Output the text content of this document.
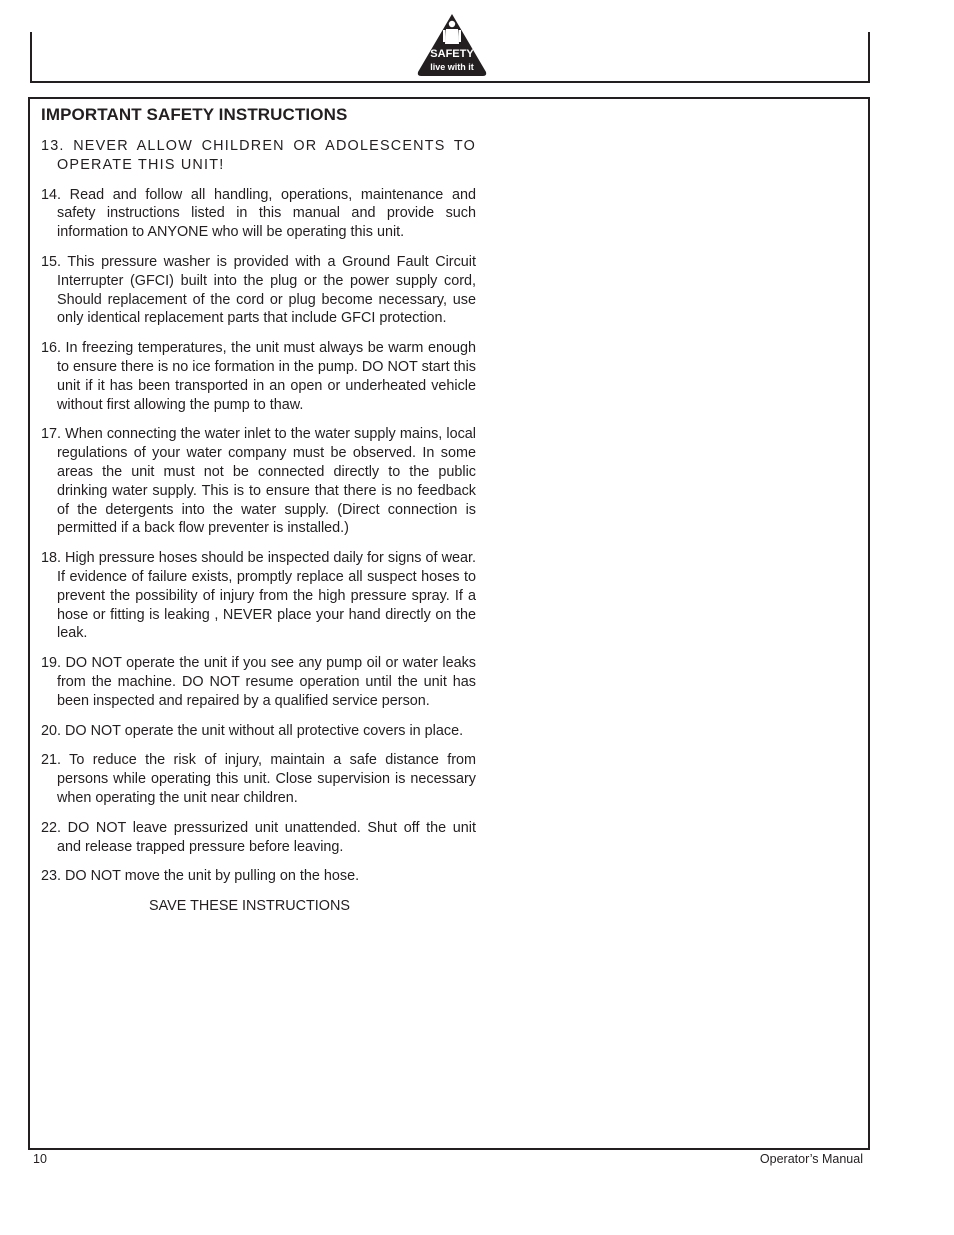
SAFETY
live with it
IMPORTANT SAFETY INSTRUCTIONS

13. NEVER ALLOW CHILDREN OR ADOLESCENTS TO OPERATE THIS UNIT!

14. Read and follow all handling, operations, maintenance and safety instructions listed in this manual and provide such information to ANYONE who will be operating this unit.

15. This pressure washer is provided with a Ground Fault Circuit Interrupter (GFCI) built into the plug or the power supply cord, Should replacement of the cord or plug become necessary, use only identical replacement parts that include GFCI protection.

16. In freezing temperatures, the unit must always be warm enough to ensure there is no ice formation in the pump. DO NOT start this unit if it has been transported in an open or underheated vehicle without first allowing the pump to thaw.

17. When connecting the water inlet to the water supply mains, local regulations of your water company must be observed. In some areas the unit must not be connected directly to the public drinking water supply. This is to ensure that there is no feedback of the detergents into the water supply. (Direct connection is permitted if a back flow preventer is installed.)

18. High pressure hoses should be inspected daily for signs of wear. If evidence of failure exists, promptly replace all suspect hoses to prevent the possibility of injury from the high pressure spray. If a hose or fitting is leaking , NEVER place your hand directly on the leak.

19. DO NOT operate the unit if you see any pump oil or water leaks from the machine. DO NOT resume operation until the unit has been inspected and repaired by a qualified service person.

20. DO NOT operate the unit without all protective covers in place.

21. To reduce the risk of injury, maintain a safe distance from persons while operating this unit. Close supervision is necessary when operating the unit near children.

22. DO NOT leave pressurized unit unattended. Shut off the unit and release trapped pressure before leaving.

23. DO NOT move the unit by pulling on the hose.

SAVE THESE INSTRUCTIONS
10	Operator’s Manual
